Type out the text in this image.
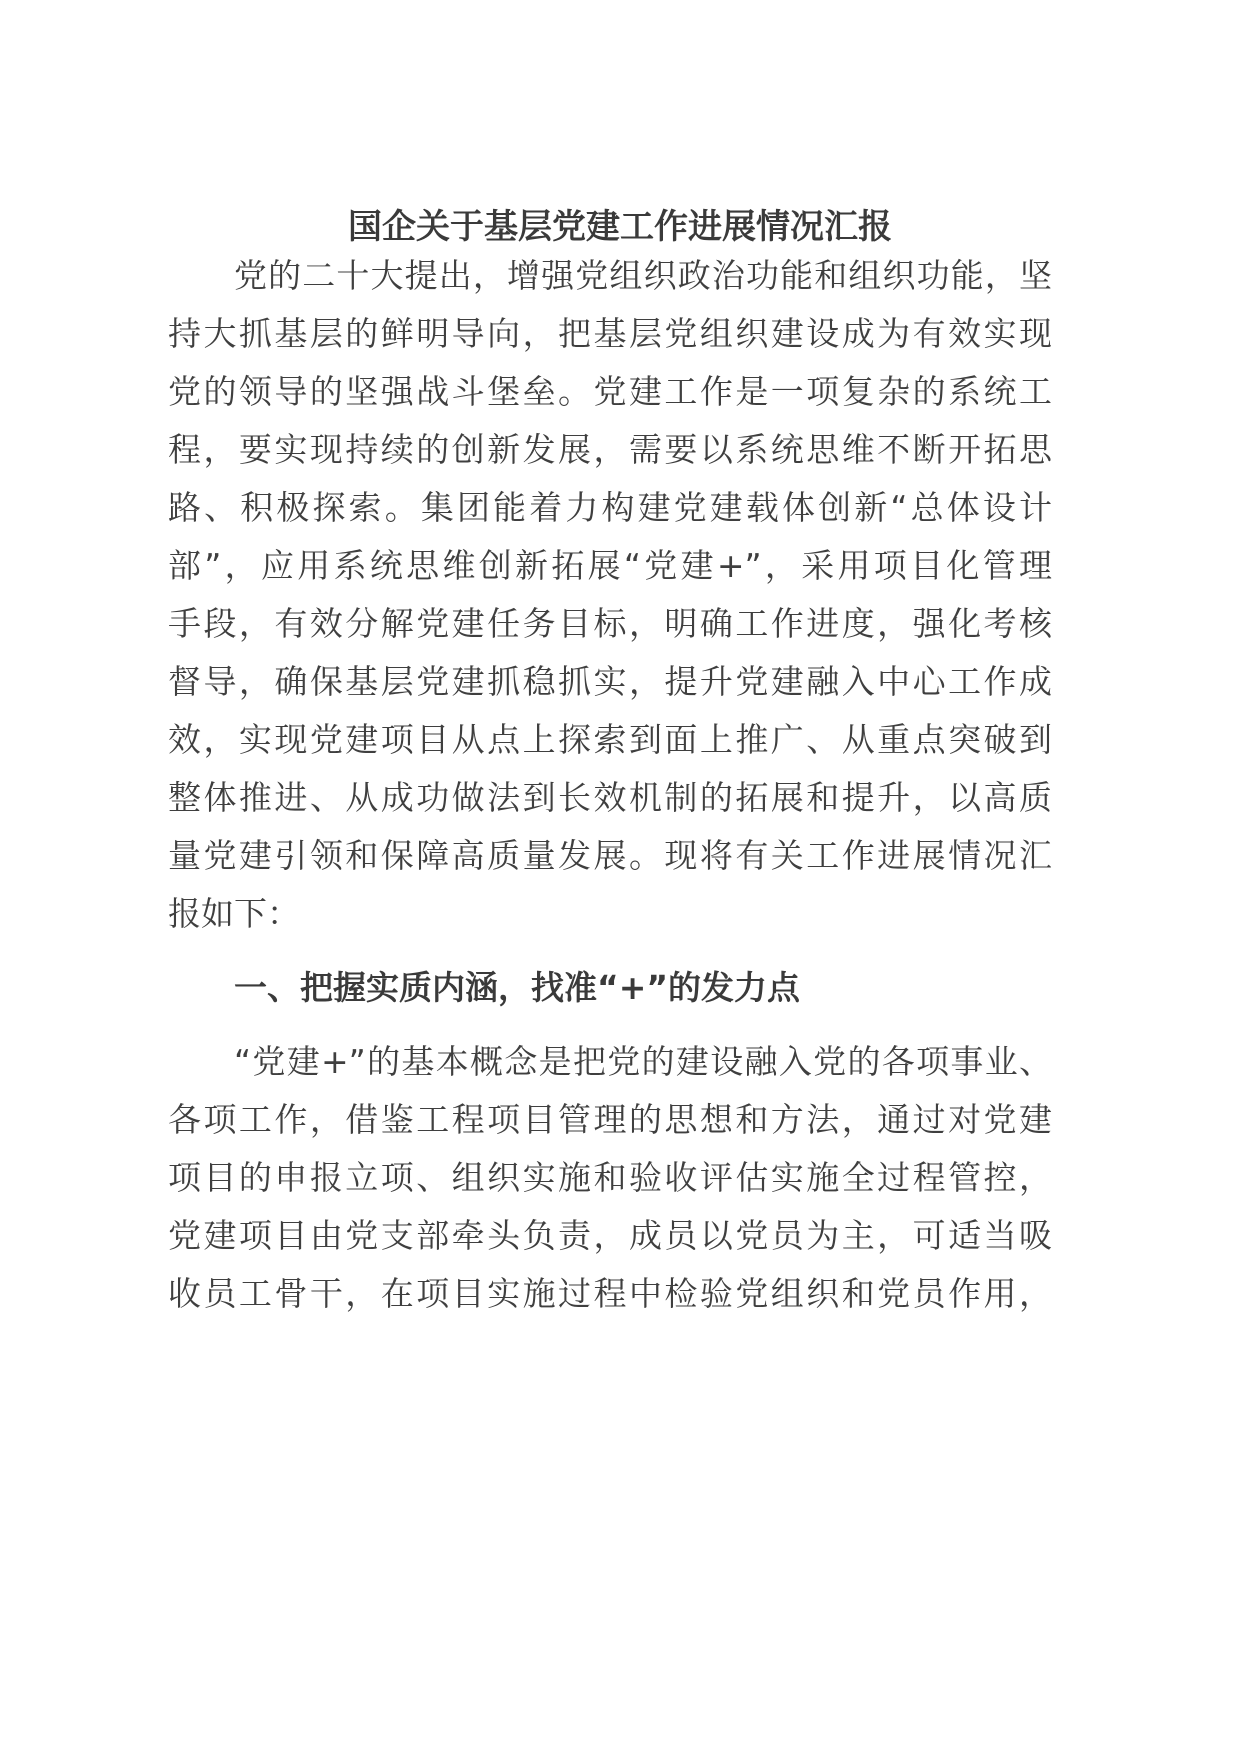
国企关于基层党建工作进展情况汇报
党的二十大提出，增强党组织政治功能和组织功能，坚
持大抓基层的鲜明导向，把基层党组织建设成为有效实现
党的领导的坚强战斗堡垒。党建工作是一项复杂的系统工
程，要实现持续的创新发展，需要以系统思维不断开拓思
路、积极探索。集团能着力构建党建载体创新“总体设计
部”，应用系统思维创新拓展“党建+”，采用项目化管理
手段，有效分解党建任务目标，明确工作进度，强化考核
督导，确保基层党建抓稳抓实，提升党建融入中心工作成
效，实现党建项目从点上探索到面上推广、从重点突破到
整体推进、从成功做法到长效机制的拓展和提升，以高质
量党建引领和保障高质量发展。现将有关工作进展情况汇
报如下：
一、把握实质内涵，找准“+”的发力点
“党建+”的基本概念是把党的建设融入党的各项事业、
各项工作，借鉴工程项目管理的思想和方法，通过对党建
项目的申报立项、组织实施和验收评估实施全过程管控，
党建项目由党支部牵头负责，成员以党员为主，可适当吸
收员工骨干，在项目实施过程中检验党组织和党员作用，
